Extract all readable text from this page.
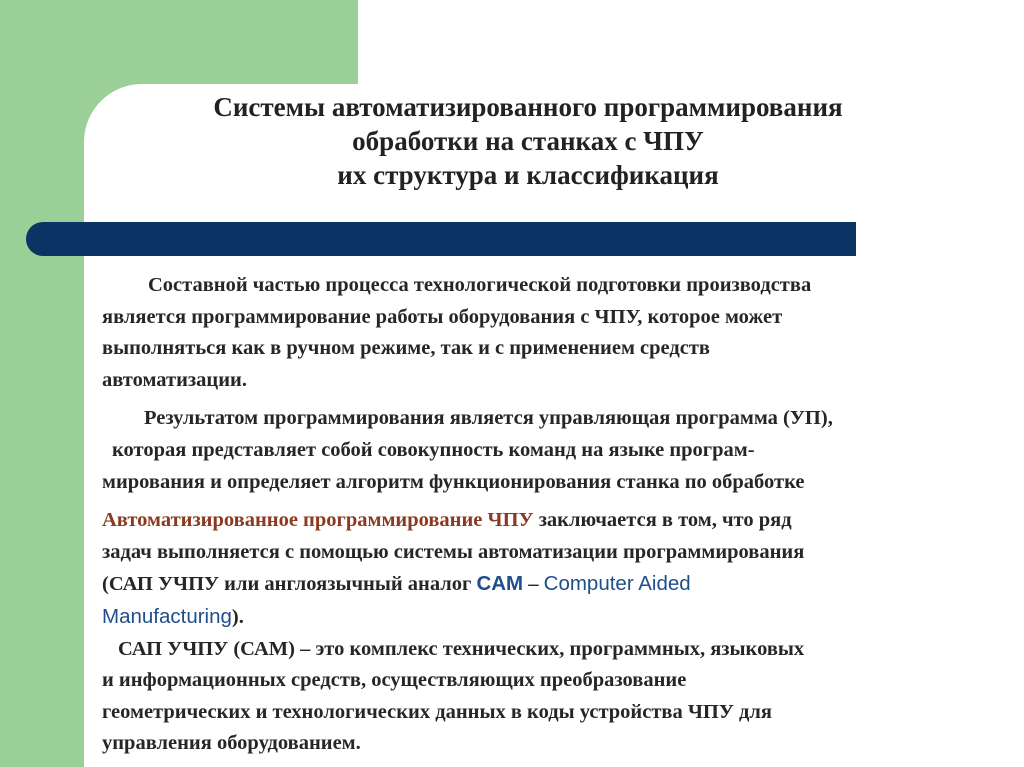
Системы автоматизированного программирования
обработки на станках с ЧПУ
их структура и классификация

Составной частью процесса технологической подготовки производства
является программирование работы оборудования с ЧПУ, которое может
выполняться как в ручном режиме, так и с применением средств
автоматизации.

Результатом программирования является управляющая программа (УП),
которая представляет собой совокупность команд на языке програм-
мирования и определяет алгоритм функционирования станка по обработке

Автоматизированное программирование ЧПУ заключается в том, что ряд
задач выполняется с помощью системы автоматизации программирования
(САП УЧПУ или англоязычный аналог CAM – Computer Aided
Manufacturing).

САП УЧПУ (САМ) – это комплекс технических, программных, языковых
и информационных средств, осуществляющих преобразование
геометрических и технологических данных в коды устройства ЧПУ для
управления оборудованием.
